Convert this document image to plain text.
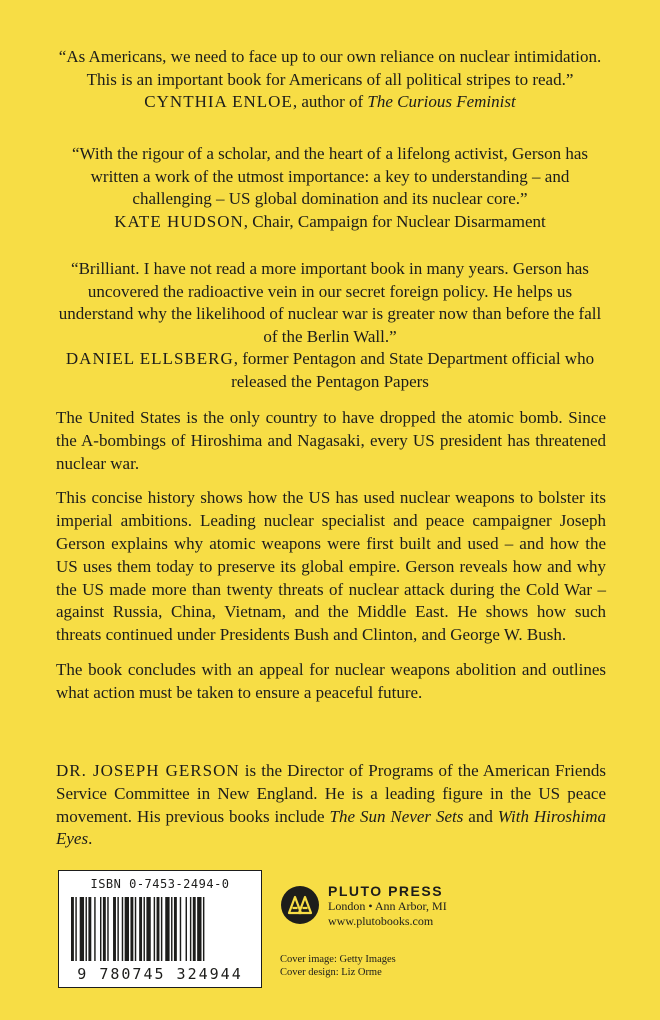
“As Americans, we need to face up to our own reliance on nuclear intimidation. This is an important book for Americans of all political stripes to read.”

CYNTHIA ENLOE, author of The Curious Feminist

“With the rigour of a scholar, and the heart of a lifelong activist, Gerson has written a work of the utmost importance: a key to understanding – and challenging – US global domination and its nuclear core.”

KATE HUDSON, Chair, Campaign for Nuclear Disarmament

“Brilliant. I have not read a more important book in many years. Gerson has uncovered the radioactive vein in our secret foreign policy. He helps us understand why the likelihood of nuclear war is greater now than before the fall of the Berlin Wall.”

DANIEL ELLSBERG, former Pentagon and State Department official who released the Pentagon Papers

The United States is the only country to have dropped the atomic bomb. Since the A-bombings of Hiroshima and Nagasaki, every US president has threatened nuclear war.

This concise history shows how the US has used nuclear weapons to bolster its imperial ambitions. Leading nuclear specialist and peace campaigner Joseph Gerson explains why atomic weapons were first built and used – and how the US uses them today to preserve its global empire. Gerson reveals how and why the US made more than twenty threats of nuclear attack during the Cold War – against Russia, China, Vietnam, and the Middle East. He shows how such threats continued under Presidents Bush and Clinton, and George W. Bush.

The book concludes with an appeal for nuclear weapons abolition and outlines what action must be taken to ensure a peaceful future.

DR. JOSEPH GERSON is the Director of Programs of the American Friends Service Committee in New England. He is a leading figure in the US peace movement. His previous books include The Sun Never Sets and With Hiroshima Eyes.

ISBN 0-7453-2494-0
9 780745 324944
PLUTO PRESS
London • Ann Arbor, MI
www.plutobooks.com
Cover image: Getty Images
Cover design: Liz Orme
